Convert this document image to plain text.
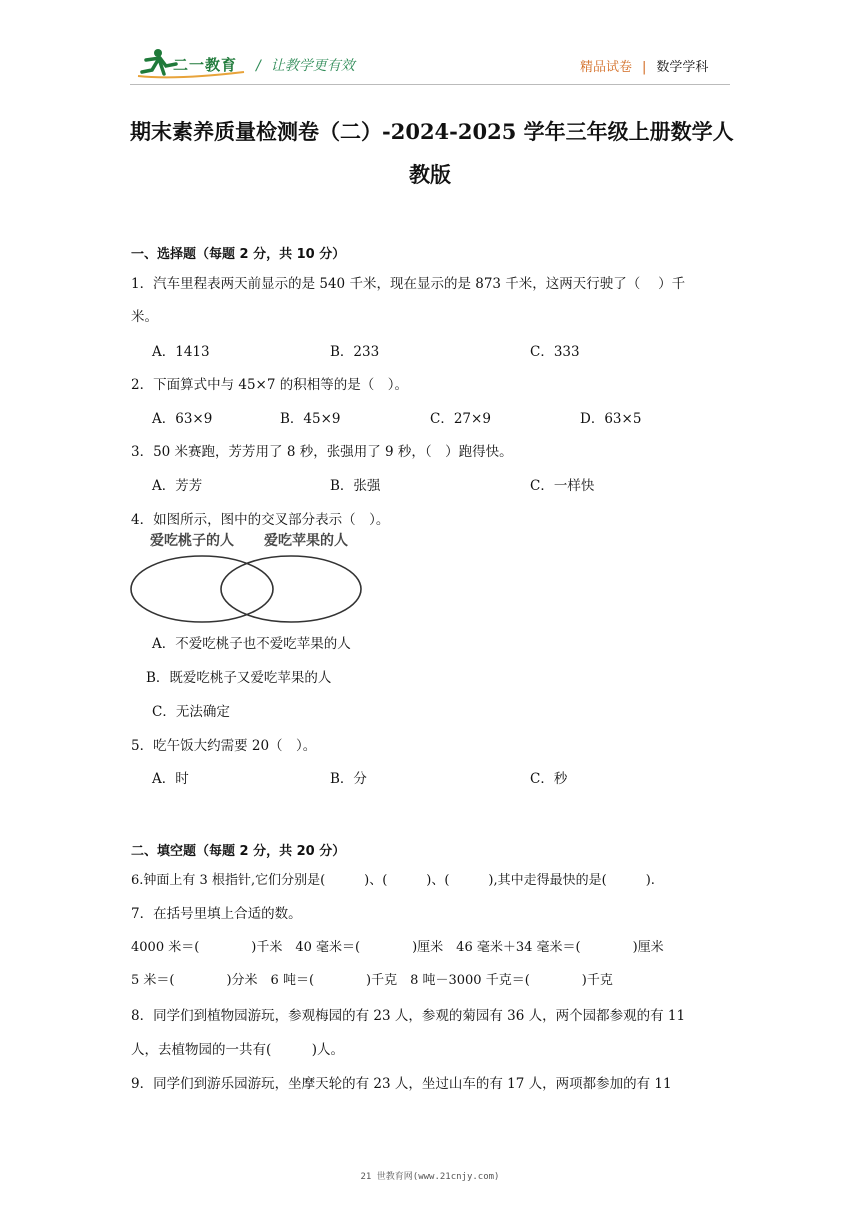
二一教育 / 让教学更有效	精品试卷 | 数学学科
期末素养质量检测卷（二）-2024-2025 学年三年级上册数学人
教版
一、选择题（每题 2 分，共 10 分）
1．汽车里程表两天前显示的是 540 千米，现在显示的是 873 千米，这两天行驶了（　 ）千
米。
A．1413	B．233	C．333
2．下面算式中与 45×7 的积相等的是（　）。
A．63×9	B．45×9	C．27×9	D．63×5
3．50 米赛跑，芳芳用了 8 秒，张强用了 9 秒，（　）跑得快。
A．芳芳	B．张强	C．一样快
4．如图所示，图中的交叉部分表示（　）。
爱吃桃子的人 爱吃苹果的人
A．不爱吃桃子也不爱吃苹果的人
B．既爱吃桃子又爱吃苹果的人
C．无法确定
5．吃午饭大约需要 20（　）。
A．时	B．分	C．秒
二、填空题（每题 2 分，共 20 分）
6.钟面上有 3 根指针,它们分别是(　　　)、(　　　)、(　　　),其中走得最快的是(　　　).
7．在括号里填上合适的数。
4000 米＝(　　　　)千米　40 毫米＝(　　　　)厘米　46 毫米＋34 毫米＝(　　　　)厘米
5 米＝(　　　　)分米　6 吨＝(　　　　)千克　8 吨－3000 千克＝(　　　　)千克
8．同学们到植物园游玩，参观梅园的有 23 人，参观的菊园有 36 人，两个园都参观的有 11
人，去植物园的一共有(　　　)人。
9．同学们到游乐园游玩，坐摩天轮的有 23 人，坐过山车的有 17 人，两项都参加的有 11
21 世教育网(www.21cnjy.com)
